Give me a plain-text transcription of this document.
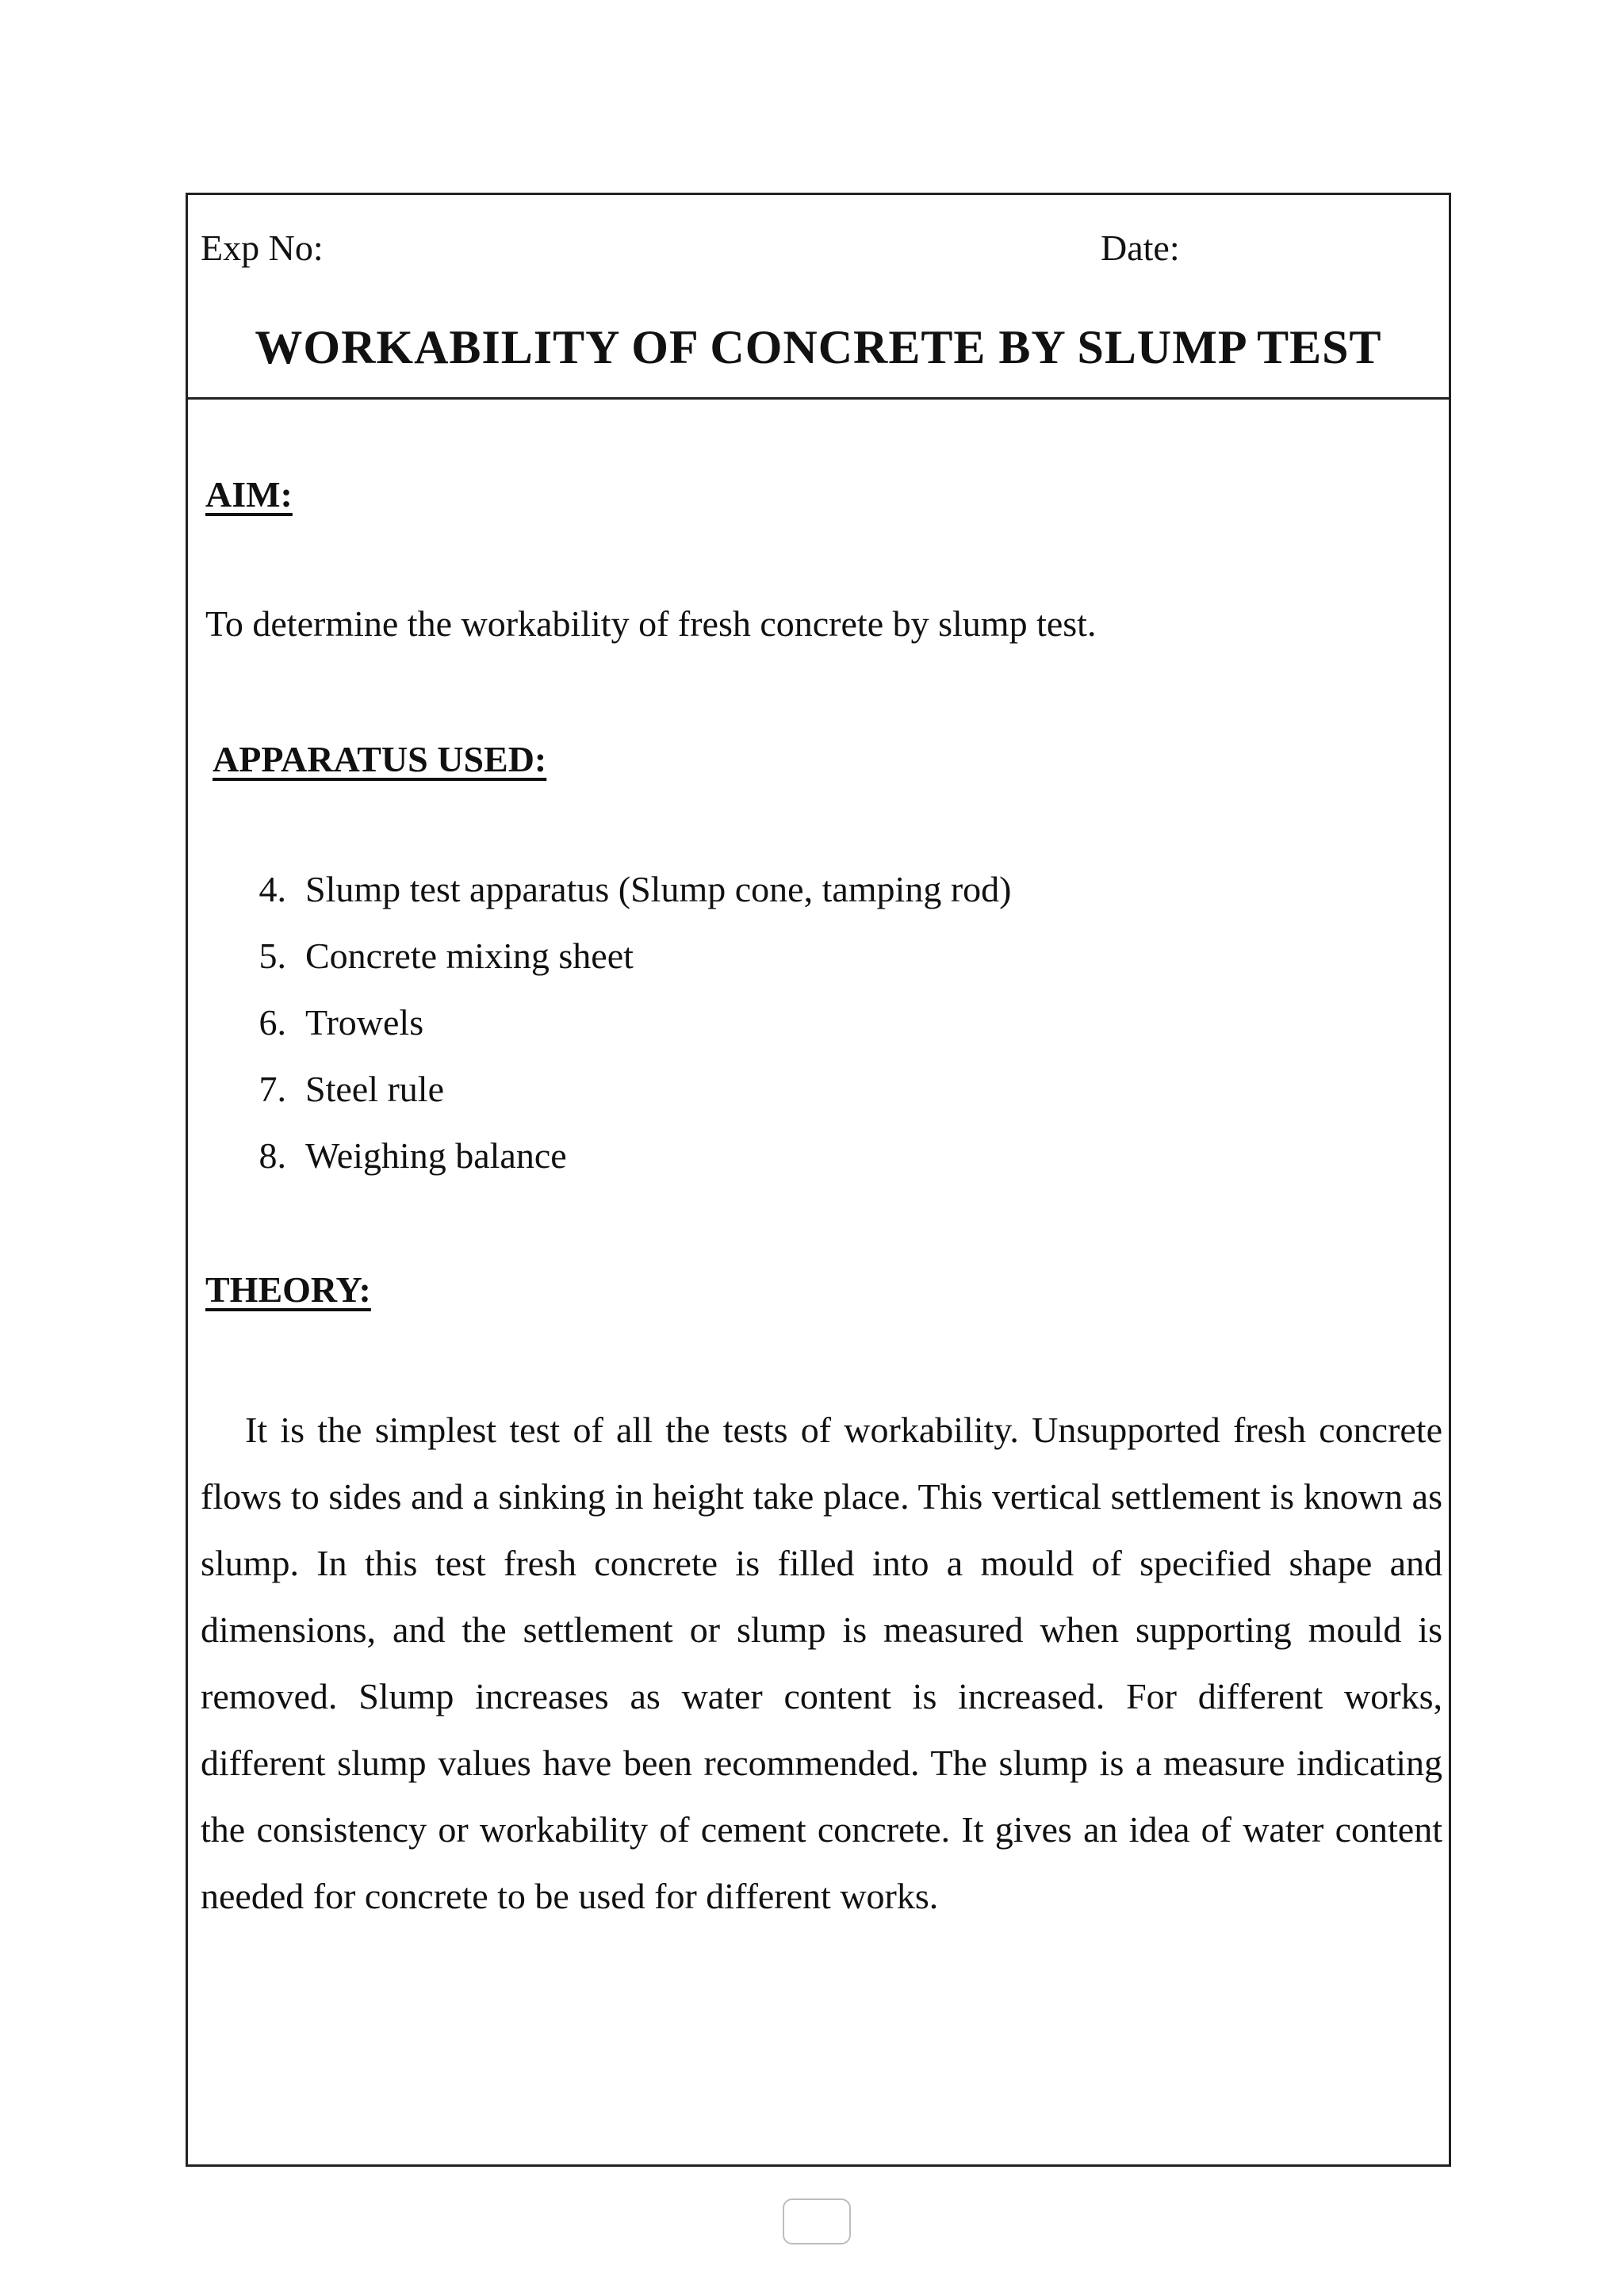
Exp No:	Date:
WORKABILITY OF CONCRETE BY SLUMP TEST
AIM:
To determine the workability of fresh concrete by slump test.
APPARATUS USED:
4. Slump test apparatus (Slump cone, tamping rod)
5. Concrete mixing sheet
6. Trowels
7. Steel rule
8. Weighing balance
THEORY:

It is the simplest test of all the tests of workability. Unsupported fresh concrete flows to sides and a sinking in height take place. This vertical settlement is known as slump. In this test fresh concrete is filled into a mould of specified shape and dimensions, and the settlement or slump is measured when supporting mould is removed. Slump increases as water content is increased. For different works, different slump values have been recommended. The slump is a measure indicating the consistency or workability of cement concrete. It gives an idea of water content needed for concrete to be used for different works.
